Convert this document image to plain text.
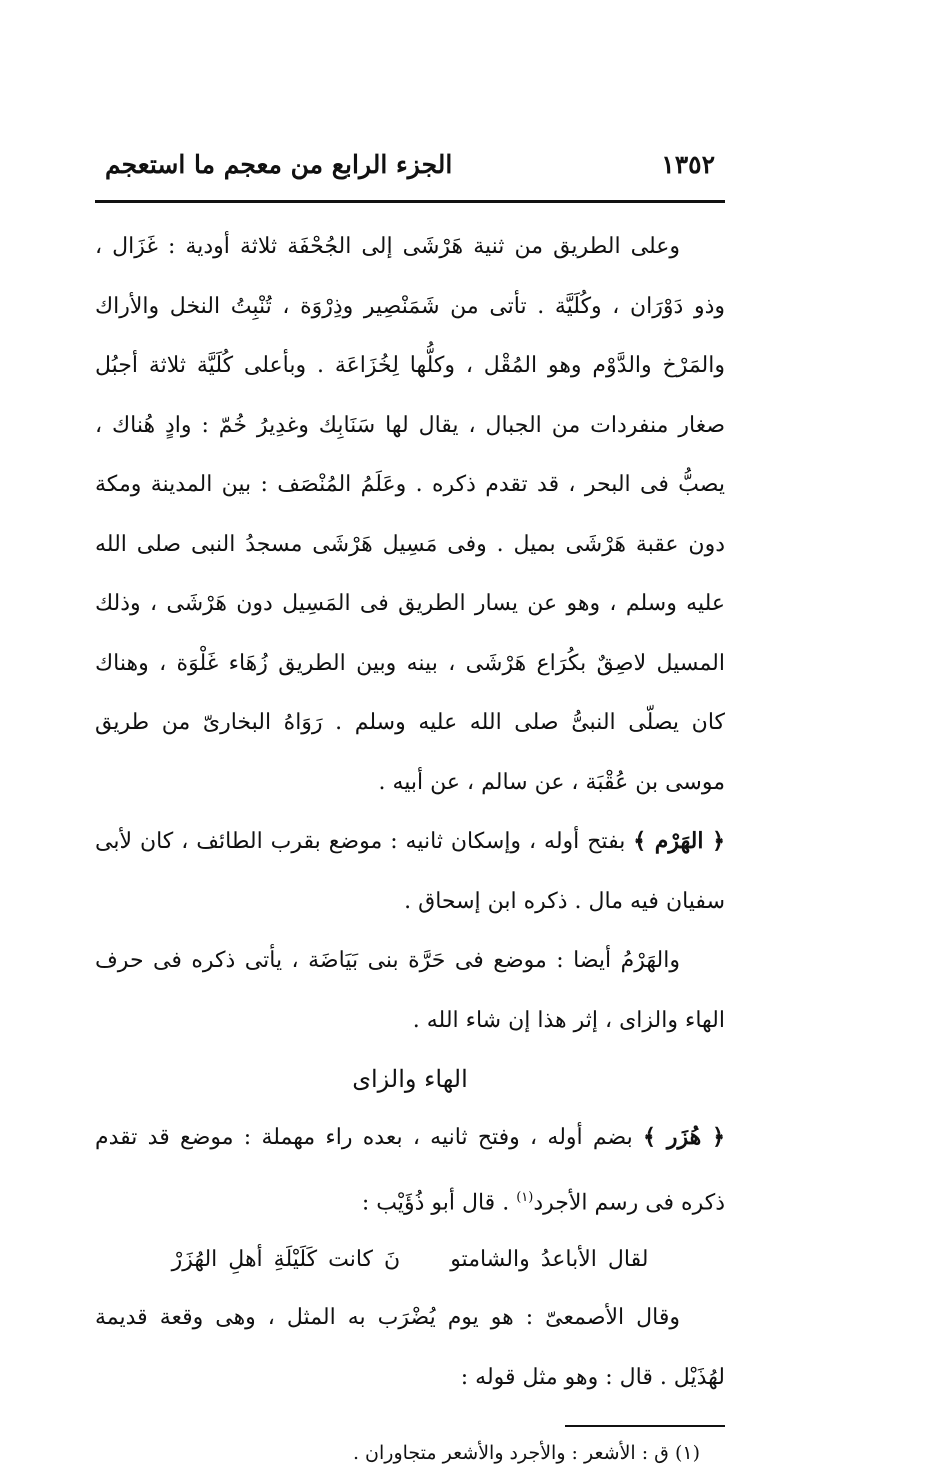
١٣٥٢
الجزء الرابع من معجم ما استعجم

وعلى الطريق من ثنية هَرْشَى إلى الجُحْفَة ثلاثة أودية : غَزَال ، وذو دَوْرَان ، وكُلَيَّة . تأتى من شَمَنْصِير وذِرْوَة ، تُنْبِتُ النخل والأراك والمَرْخ والدَّوْم وهو المُقْل ، وكلُّها لِخُزَاعَة . وبأعلى كُلَيَّة ثلاثة أجبُل صغار منفردات من الجبال ، يقال لها سَنَابِك وغدِيرُ خُمّ : وادٍ هُناك ، يصبُّ فى البحر ، قد تقدم ذكره . وعَلَمُ المُنْصَف : بين المدينة ومكة دون عقبة هَرْشَى بميل . وفى مَسِيل هَرْشَى مسجدُ النبى صلى الله عليه وسلم ، وهو عن يسار الطريق فى المَسِيل دون هَرْشَى ، وذلك المسيل لاصِقٌ بكُرَاع هَرْشَى ، بينه وبين الطريق زُهَاء غَلْوَة ، وهناك كان يصلّى النبىُّ صلى الله عليه وسلم . رَوَاهُ البخارىّ من طريق موسى بن عُقْبَة ، عن سالم ، عن أبيه .

﴿ الهَرْم ﴾ بفتح أوله ، وإسكان ثانيه : موضع بقرب الطائف ، كان لأبى سفيان فيه مال . ذكره ابن إسحاق .

والهَرْمُ أيضا : موضع فى حَرَّة بنى بَيَاضَة ، يأتى ذكره فى حرف الهاء والزاى ، إثر هذا إن شاء الله .

الهاء والزاى

﴿ هُزَر ﴾ بضم أوله ، وفتح ثانيه ، بعده راء مهملة : موضع قد تقدم ذكره فى رسم الأجرد$^{(١)}$ . قال أبو ذُؤَيْب :

لقال الأباعدُ والشامتونَ كانت كَلَيْلَةِ أهلِ الهُزَرْ

وقال الأصمعىّ : هو يوم يُضْرَب به المثل ، وهى وقعة قديمة لهُذَيْل . قال : وهو مثل قوله :

(١) ق : الأشعر : والأجرد والأشعر متجاوران .
